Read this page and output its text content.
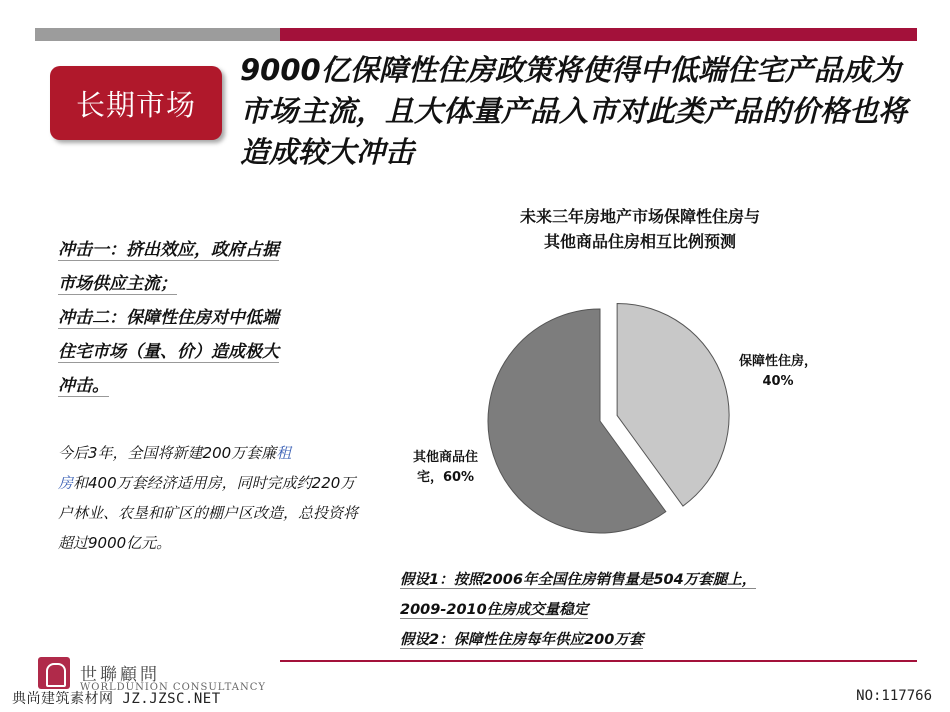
长期市场
9000亿保障性住房政策将使得中低端住宅产品成为市场主流，且大体量产品入市对此类产品的价格也将造成较大冲击
冲击一：挤出效应，政府占据
市场供应主流；
冲击二：保障性住房对中低端
住宅市场（量、价）造成极大
冲击。
今后3年，全国将新建200万套廉租
房和400万套经济适用房，同时完成约220万户林业、农垦和矿区的棚户区改造，总投资将超过9000亿元。
未来三年房地产市场保障性住房与
其他商品住房相互比例预测
保障性住房，
40%
其他商品住
宅，60%
假设1：按照2006年全国住房销售量是504万套腿上，
2009-2010住房成交量稳定
假设2：保障性住房每年供应200万套
世聯顧問
WORLDUNION CONSULTANCY
典尚建筑素材网 JZ.JZSC.NET	NO:117766
